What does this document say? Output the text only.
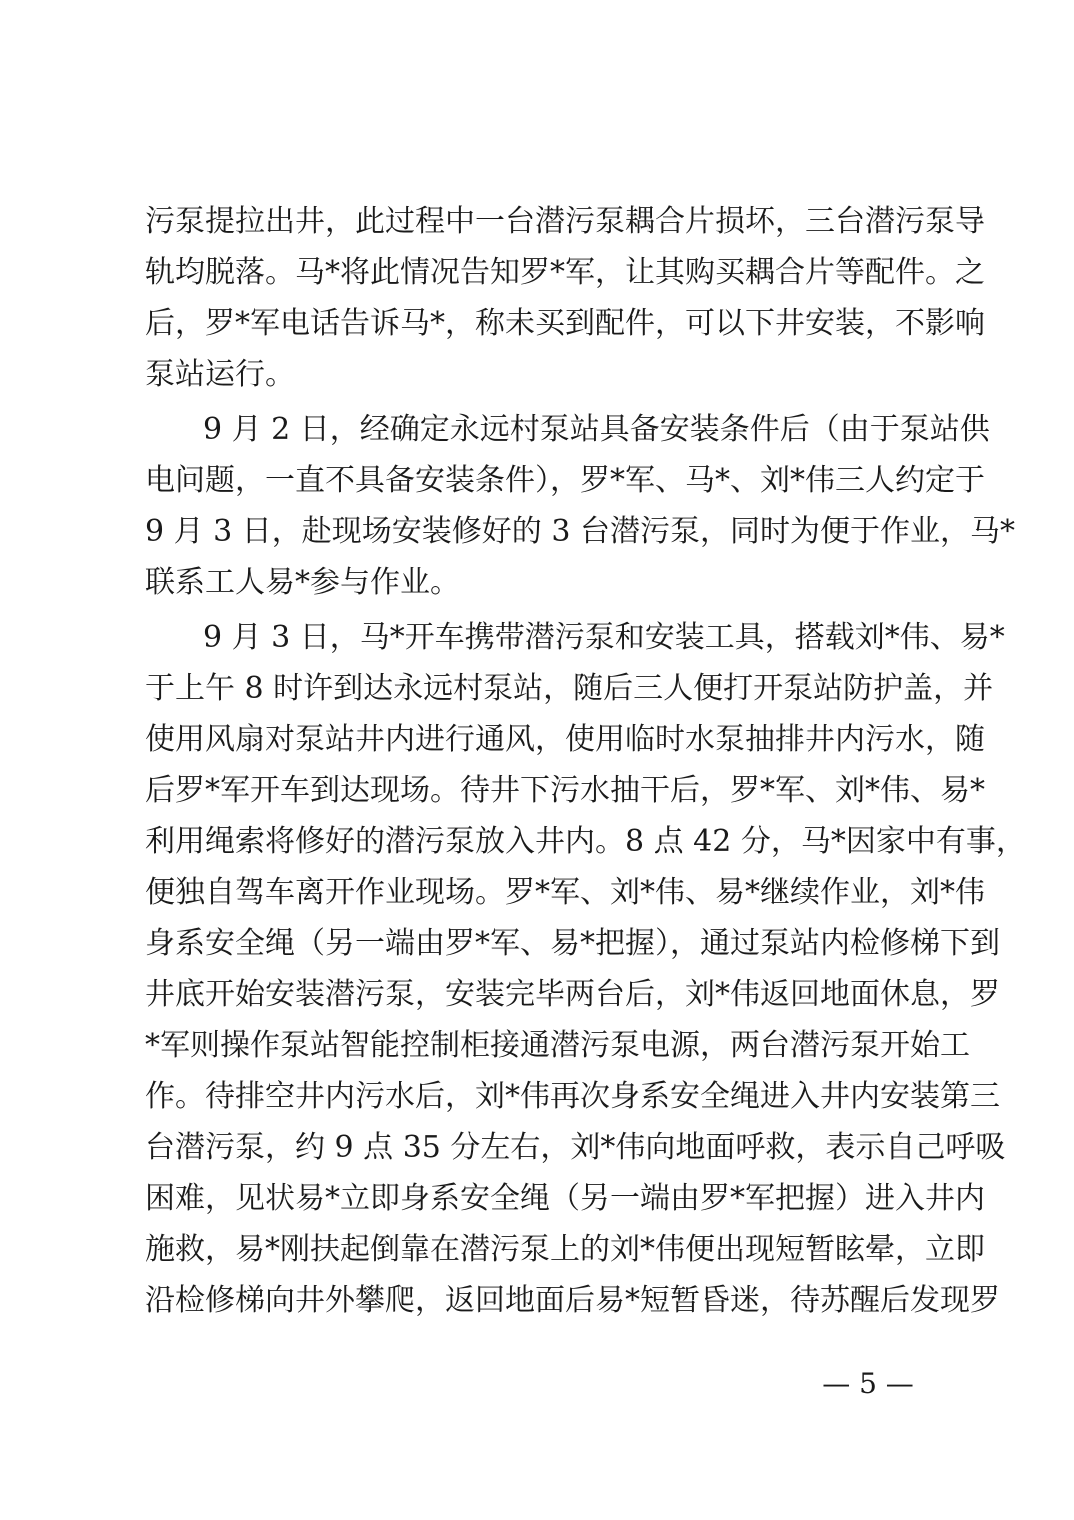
污泵提拉出井，此过程中一台潜污泵耦合片损坏，三台潜污泵导
轨均脱落。马*将此情况告知罗*军，让其购买耦合片等配件。之
后，罗*军电话告诉马*，称未买到配件，可以下井安装，不影响
泵站运行。
9 月 2 日，经确定永远村泵站具备安装条件后（由于泵站供
电问题，一直不具备安装条件），罗*军、马*、刘*伟三人约定于
9 月 3 日，赴现场安装修好的 3 台潜污泵，同时为便于作业，马*
联系工人易*参与作业。
9 月 3 日，马*开车携带潜污泵和安装工具，搭载刘*伟、易*
于上午 8 时许到达永远村泵站，随后三人便打开泵站防护盖，并
使用风扇对泵站井内进行通风，使用临时水泵抽排井内污水，随
后罗*军开车到达现场。待井下污水抽干后，罗*军、刘*伟、易*
利用绳索将修好的潜污泵放入井内。8 点 42 分，马*因家中有事，
便独自驾车离开作业现场。罗*军、刘*伟、易*继续作业，刘*伟
身系安全绳（另一端由罗*军、易*把握），通过泵站内检修梯下到
井底开始安装潜污泵，安装完毕两台后，刘*伟返回地面休息，罗
*军则操作泵站智能控制柜接通潜污泵电源，两台潜污泵开始工
作。待排空井内污水后，刘*伟再次身系安全绳进入井内安装第三
台潜污泵，约 9 点 35 分左右，刘*伟向地面呼救，表示自己呼吸
困难，见状易*立即身系安全绳（另一端由罗*军把握）进入井内
施救，易*刚扶起倒靠在潜污泵上的刘*伟便出现短暂眩晕，立即
沿检修梯向井外攀爬，返回地面后易*短暂昏迷，待苏醒后发现罗
— 5 —
